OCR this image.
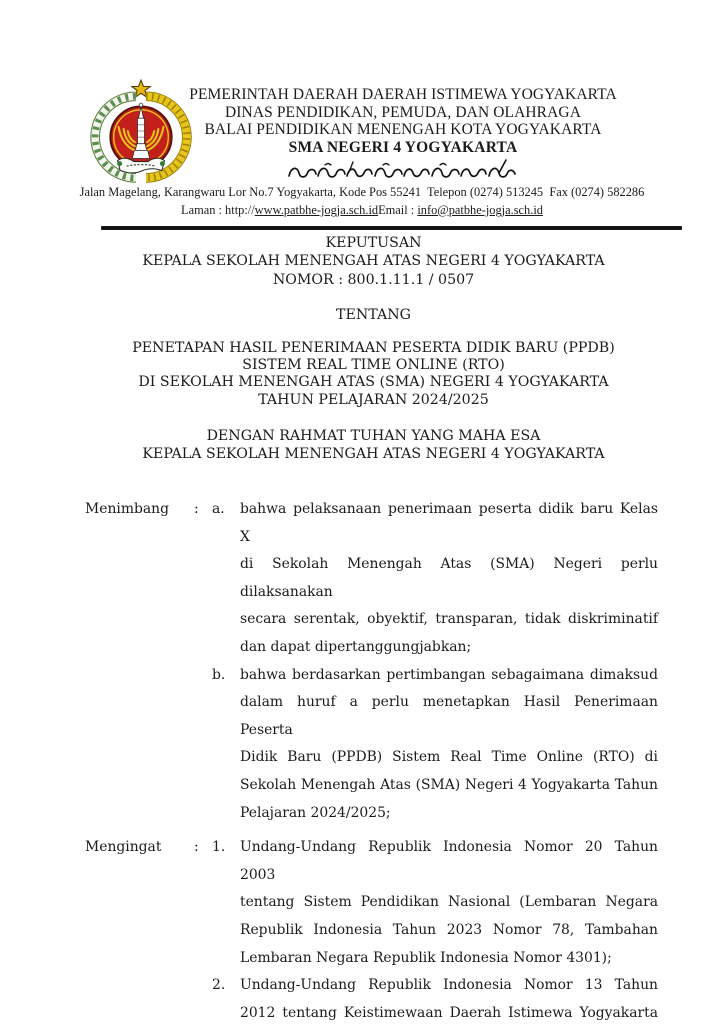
PEMERINTAH DAERAH DAERAH ISTIMEWA YOGYAKARTA
DINAS PENDIDIKAN, PEMUDA, DAN OLAHRAGA
BALAI PENDIDIKAN MENENGAH KOTA YOGYAKARTA
SMA NEGERI 4 YOGYAKARTA
Jalan Magelang, Karangwaru Lor No.7 Yogyakarta, Kode Pos 55241  Telepon (0274) 513245  Fax (0274) 582286
Laman : http://www.patbhe-jogja.sch.idEmail : info@patbhe-jogja.sch.id
KEPUTUSAN
KEPALA SEKOLAH MENENGAH ATAS NEGERI 4 YOGYAKARTA
NOMOR : 800.1.11.1 / 0507
TENTANG
PENETAPAN HASIL PENERIMAAN PESERTA DIDIK BARU (PPDB)
SISTEM REAL TIME ONLINE (RTO)
DI SEKOLAH MENENGAH ATAS (SMA) NEGERI 4 YOGYAKARTA
TAHUN PELAJARAN 2024/2025
DENGAN RAHMAT TUHAN YANG MAHA ESA
KEPALA SEKOLAH MENENGAH ATAS NEGERI 4 YOGYAKARTA
Menimbang	: a.	bahwa pelaksanaan penerimaan peserta didik baru Kelas X
di Sekolah Menengah Atas (SMA) Negeri perlu dilaksanakan
secara serentak, obyektif, transparan, tidak diskriminatif
dan dapat dipertanggungjabkan;
b.	bahwa berdasarkan pertimbangan sebagaimana dimaksud
dalam huruf a perlu menetapkan Hasil Penerimaan Peserta
Didik Baru (PPDB) Sistem Real Time Online (RTO) di
Sekolah Menengah Atas (SMA) Negeri 4 Yogyakarta Tahun
Pelajaran 2024/2025;
Mengingat	: 1.	Undang-Undang Republik Indonesia Nomor 20 Tahun 2003
tentang Sistem Pendidikan Nasional (Lembaran Negara
Republik Indonesia Tahun 2023 Nomor 78, Tambahan
Lembaran Negara Republik Indonesia Nomor 4301);
2.	Undang-Undang Republik Indonesia Nomor 13 Tahun
2012 tentang Keistimewaan Daerah Istimewa Yogyakarta
